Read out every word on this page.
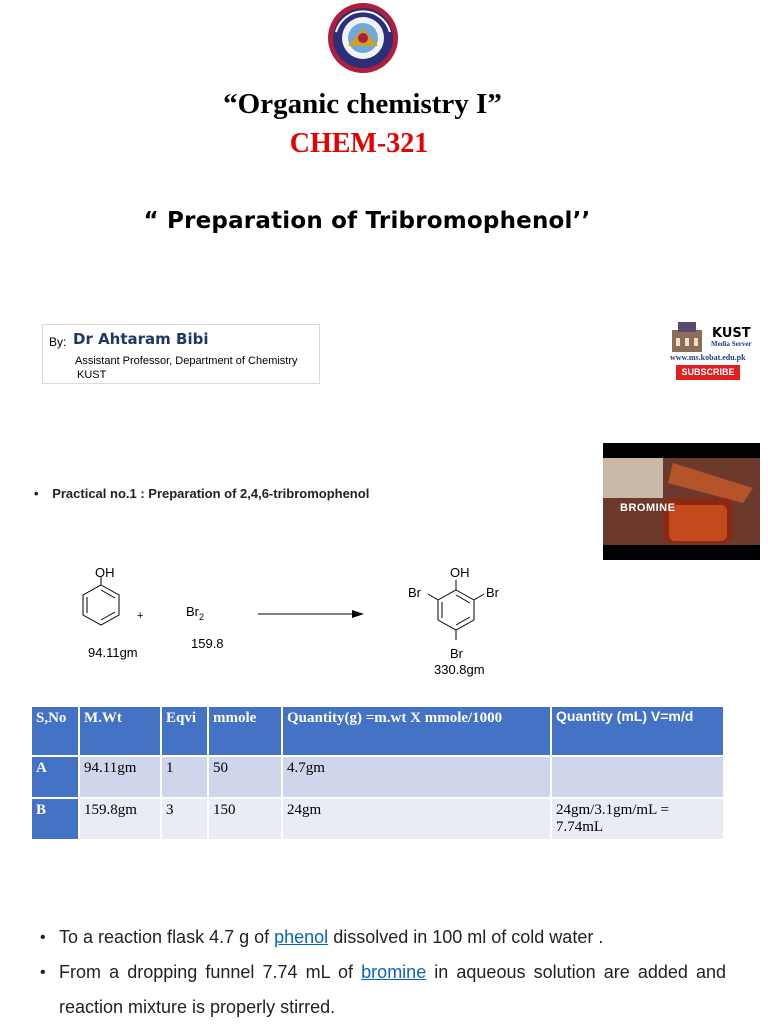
“Organic chemistry I”
CHEM-321
“ Preparation of Tribromophenol’’
By: Dr Ahtaram Bibi
Assistant Professor, Department of Chemistry
KUST
KUST
Media Server
www.ms.kobat.edu.pk
SUBSCRIBE
BROMINE
• Practical no.1 : Preparation of 2,4,6-tribromophenol
OH
94.11gm
+	$Br_2$
159.8
OH
Br	Br
Br
330.8gm
S,No	M.Wt	Eqvi	mmole	Quantity(g) =m.wt X mmole/1000	Quantity (mL) V=m/d
A	94.11gm	1	50	4.7gm	
B	159.8gm	3	150	24gm	24gm/3.1gm/mL = 7.74mL
• To a reaction flask 4.7 g of phenol dissolved in 100 ml of cold water .
• From a dropping funnel 7.74 mL of bromine in aqueous solution are added and reaction mixture is properly stirred.
